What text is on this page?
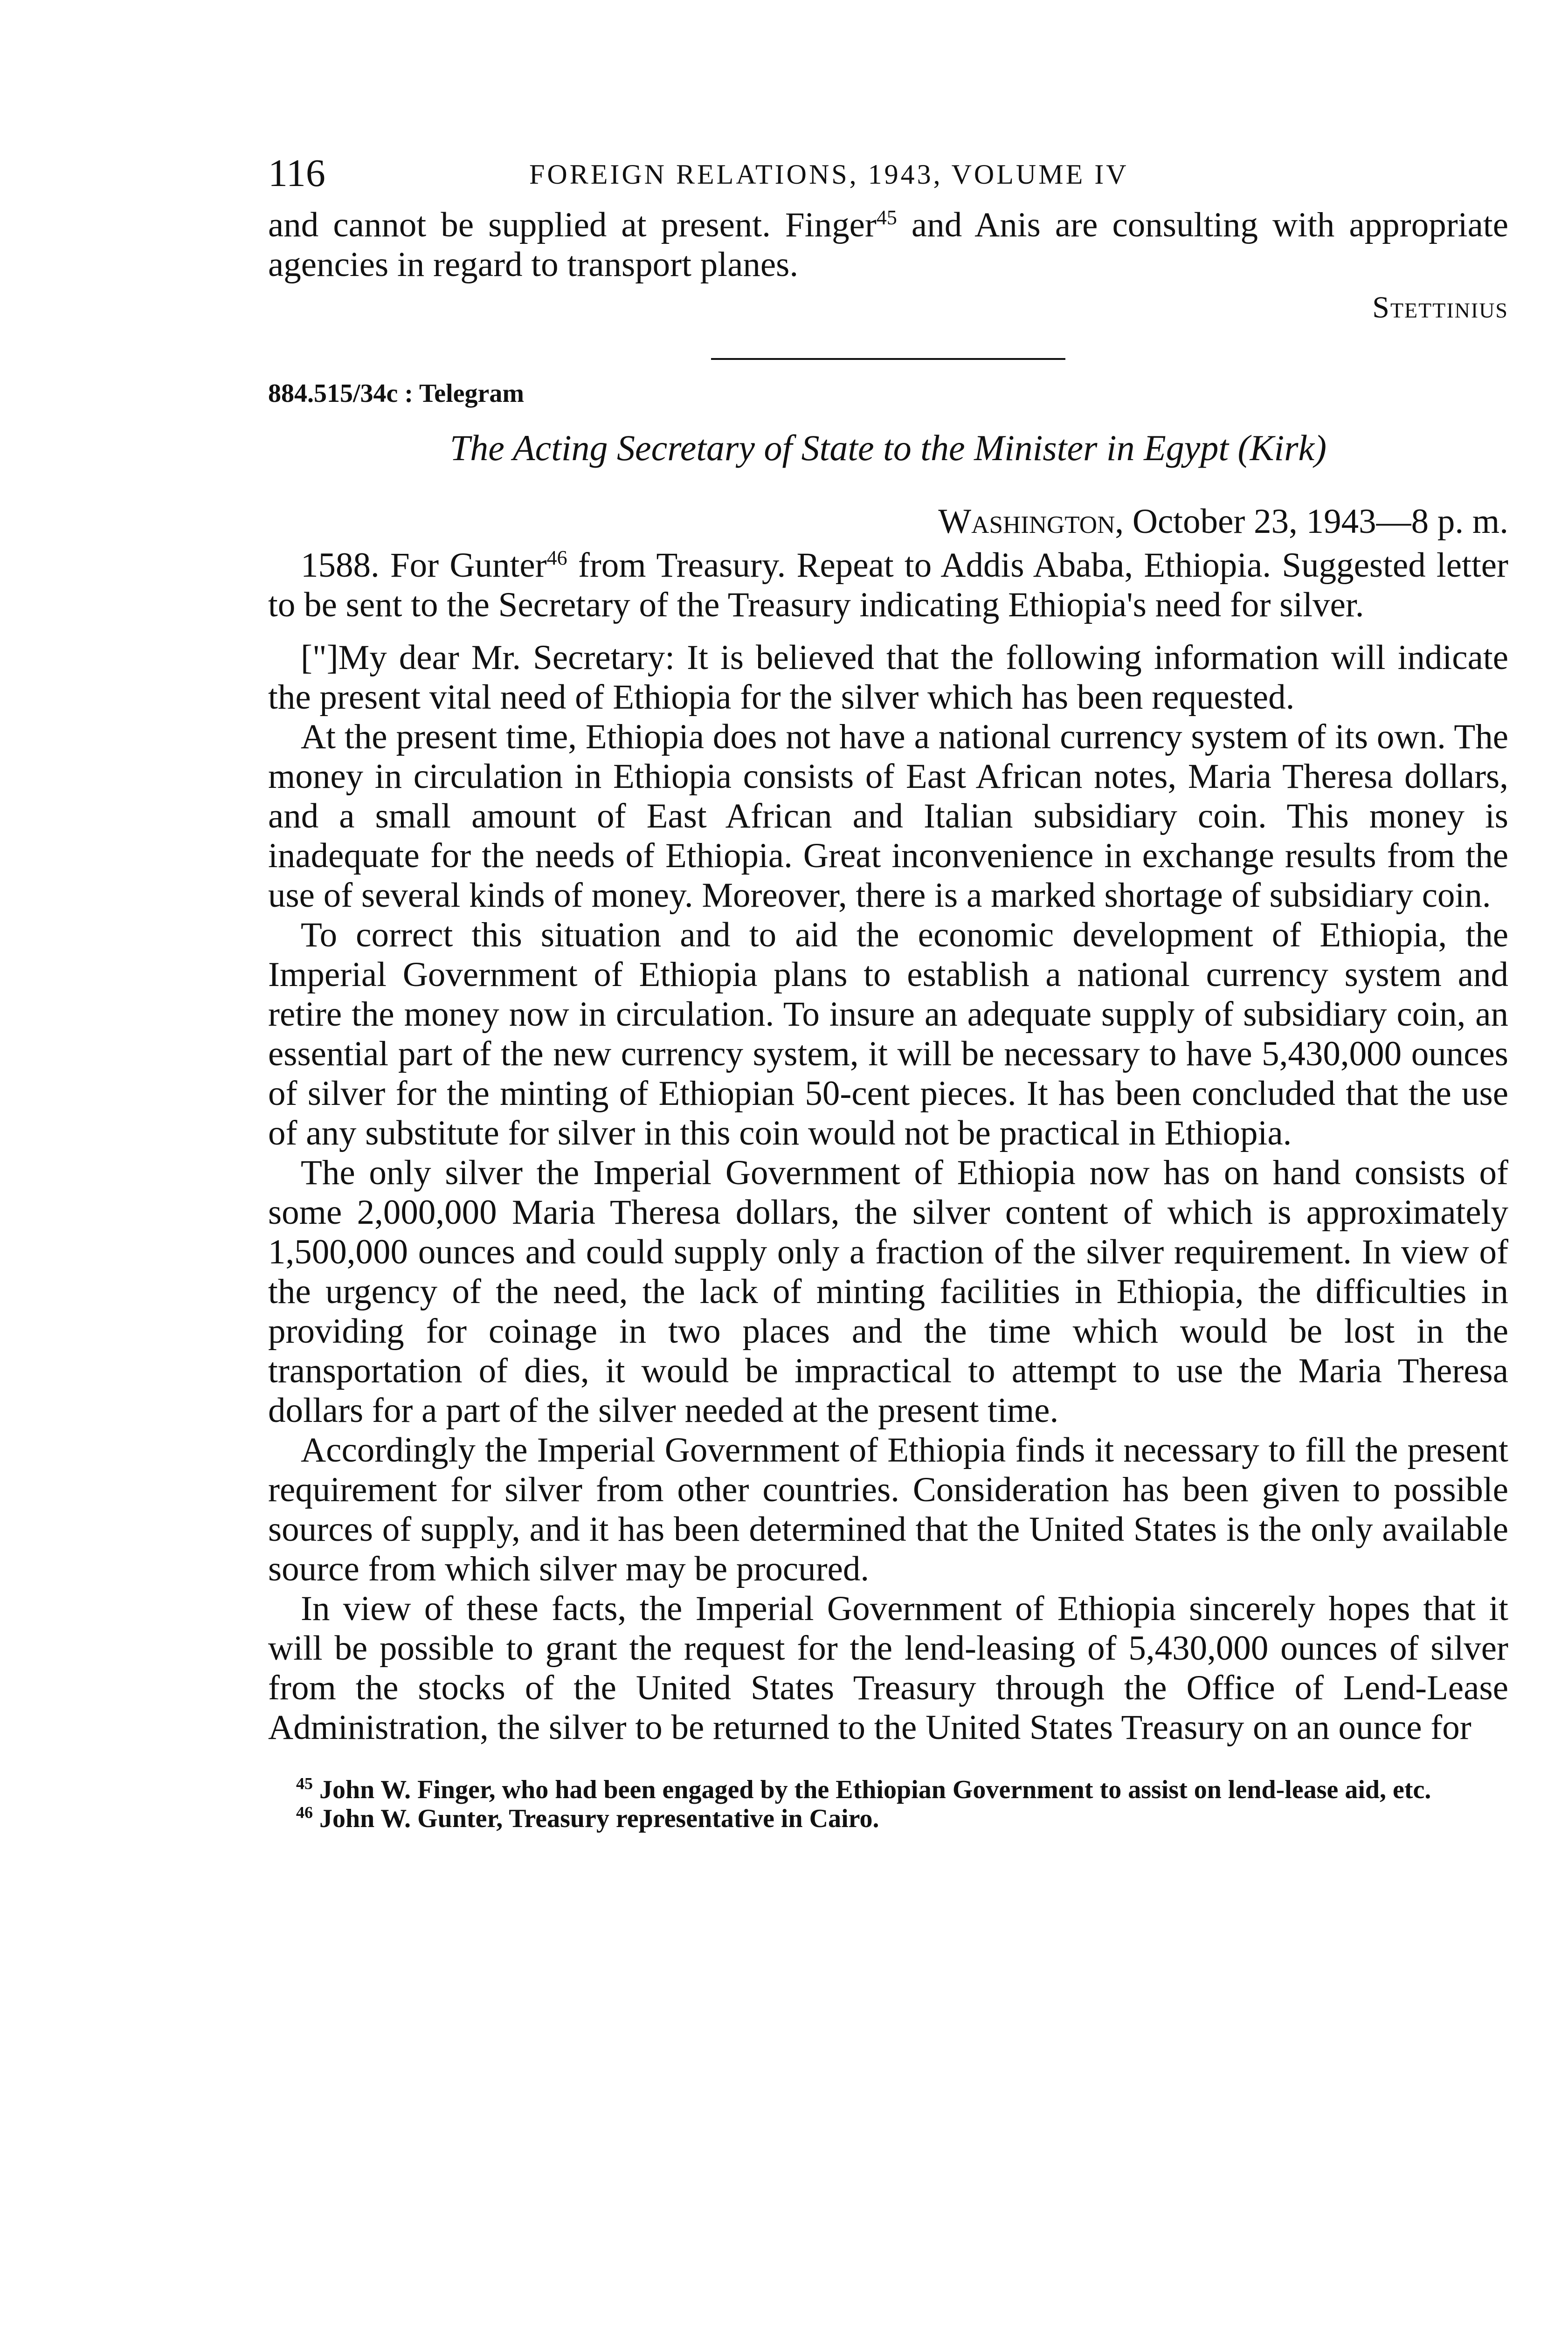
116	FOREIGN RELATIONS, 1943, VOLUME IV

and cannot be supplied at present. Finger$^{45}$ and Anis are consulting with appropriate agencies in regard to transport planes.

Stettinius

884.515/34c : Telegram

The Acting Secretary of State to the Minister in Egypt (Kirk)

Washington, October 23, 1943—8 p. m.

1588. For Gunter$^{46}$ from Treasury. Repeat to Addis Ababa, Ethiopia. Suggested letter to be sent to the Secretary of the Treasury indicating Ethiopia's need for silver.

["]My dear Mr. Secretary: It is believed that the following information will indicate the present vital need of Ethiopia for the silver which has been requested.

At the present time, Ethiopia does not have a national currency system of its own. The money in circulation in Ethiopia consists of East African notes, Maria Theresa dollars, and a small amount of East African and Italian subsidiary coin. This money is inadequate for the needs of Ethiopia. Great inconvenience in exchange results from the use of several kinds of money. Moreover, there is a marked shortage of subsidiary coin.

To correct this situation and to aid the economic development of Ethiopia, the Imperial Government of Ethiopia plans to establish a national currency system and retire the money now in circulation. To insure an adequate supply of subsidiary coin, an essential part of the new currency system, it will be necessary to have 5,430,000 ounces of silver for the minting of Ethiopian 50-cent pieces. It has been concluded that the use of any substitute for silver in this coin would not be practical in Ethiopia.

The only silver the Imperial Government of Ethiopia now has on hand consists of some 2,000,000 Maria Theresa dollars, the silver content of which is approximately 1,500,000 ounces and could supply only a fraction of the silver requirement. In view of the urgency of the need, the lack of minting facilities in Ethiopia, the difficulties in providing for coinage in two places and the time which would be lost in the transportation of dies, it would be impractical to attempt to use the Maria Theresa dollars for a part of the silver needed at the present time.

Accordingly the Imperial Government of Ethiopia finds it necessary to fill the present requirement for silver from other countries. Consideration has been given to possible sources of supply, and it has been determined that the United States is the only available source from which silver may be procured.

In view of these facts, the Imperial Government of Ethiopia sincerely hopes that it will be possible to grant the request for the lend-leasing of 5,430,000 ounces of silver from the stocks of the United States Treasury through the Office of Lend-Lease Administration, the silver to be returned to the United States Treasury on an ounce for

$^{45}$ John W. Finger, who had been engaged by the Ethiopian Government to assist on lend-lease aid, etc.

$^{46}$ John W. Gunter, Treasury representative in Cairo.
